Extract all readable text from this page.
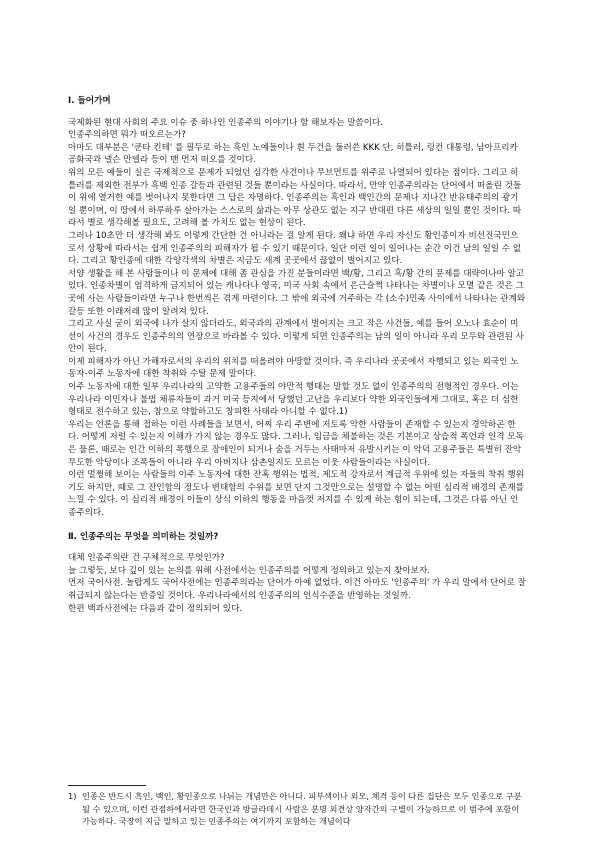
Ⅰ. 들어가며

국제화된 현대 사회의 주요 이슈 중 하나인 인종주의 이야기나 함 해보자는 말씀이다.
인종주의하면 뭐가 떠오르는가?
아마도 대부분은 '쿤타 킨테' 를 필두로 하는 흑인 노예들이나 흰 두건을 둘러쓴 KKK 단, 히틀러, 링컨 대통령, 남아프리카 공화국과 넬슨 만델라 등이 맨 먼저 떠오를 것이다.
위의 모든 예들이 실은 국제적으로 문제가 되었던 심각한 사건이나 무브먼트를 위주로 나열되어 있다는 점이다. 그리고 히틀러를 제외한 전부가 흑백 인종 갈등과 관련된 것들 뿐이라는 사실이다. 따라서, 만약 인종주의라는 단어에서 떠올린 것들이 위에 열거한 예를 벗어나지 못한다면 그 답은 자명하다. 인종주의는 흑인과 백인간의 문제나 지나간 반유태주의의 광기일 뿐이며, 이 땅에서 하루하루 살아가는 스스로의 삶과는 아무 상관도 없는 지구 반대편 다른 세상의 일일 뿐인 것이다. 따라서 별로 생각해볼 필요도, 고려해 볼 가치도 없는 현상이 된다.
그러나 10초만 더 생각해 봐도 이렇게 간단한 건 아니라는 걸 알게 된다. 왜냐 하면 우리 자신도 황인종이자 비선진국민으로서 상황에 따라서는 쉽게 인종주의의 피해자가 될 수 있기 때문이다. 일단 이런 일이 일어나는 순간 이건 남의 일일 수 없다. 그리고 황인종에 대한 각양각색의 차별은 지금도 세계 곳곳에서 끊없이 벌어지고 있다.
서양 생활을 해 본 사람들이나 이 문제에 대해 좀 관심을 가진 분들이라면 백/황, 그리고 흑/황 간의 문제를 대략이나마 알고 있다. 인종차별이 엄격하게 금지되어 있는 캐나다나 영국, 미국 사회 속에서 은근슬쩍 나타나는 차별이나 모멸 같은 것은 그곳에 사는 사람들이라면 누구나 한번씩은 겪게 마련이다. 그 밖에 외국에 거주하는 각 (소수)민족 사이에서 나타나는 관계와 갈등 또한 이래저래 많이 알려져 있다.
그리고 사실 굳이 외국에 나가 살지 않더라도, 외국과의 관계에서 벌어지는 크고 작은 사건들, 예를 들어 오노나 효순이 미선이 사건의 경우도 인종주의의 연장으로 바라볼 수 있다. 이렇게 되면 인종주의는 남의 일이 아니라 우리 모두와 관련된 사안이 된다.
이제 피해자가 아닌 가해자로서의 우리의 위치를 떠올려야 마땅할 것이다. 즉 우리나라 곳곳에서 자행되고 있는 외국인 노동자-이주 노동자에 대한 착취와 수탈 문제 말이다.
이주 노동자에 대한 일부 우리나라의 고약한 고용주들의 야만적 행태는 말할 것도 없이 인종주의의 전형적인 경우다. 이는 우리나라 이민자나 불법 체류자들이 과거 미국 등지에서 당했던 고난을 우리보다 약한 외국인들에게 그대로, 혹은 더 심한 형태로 전수하고 있는, 참으로 약할하고도 창피한 사태라 아니할 수 없다.1)
우리는 언론을 통해 접하는 이런 사례들을 보면서, 어찌 우리 주변에 저토록 악한 사람들이 존재할 수 있는지 경악하곤 한다. 어떻게 저럴 수 있는지 이해가 가지 않는 경우도 많다. 그러나, 임금을 체불하는 것은 기본이고 상습적 폭언과 인격 모독은 물론, 때로는 인간 이하의 폭행으로 장애인이 되거나 숨을 거두는 사태마저 유발시키는 이 악덕 고용주들은 특별히 잔악무도한 악당이나 조폭들이 아니라 우리 아버지나 삼촌일지도 모르는 이웃 사람들이라는 사실이다.
이런 멀쩡해 보이는 사람들의 이주 노동자에 대한 잔혹 행위는 법적, 제도적 강자로서 계급적 우위에 있는 자들의 착취 행위기도 하지만, 때로 그 잔인함의 정도나 변태함의 수위를 보면 단지 그것만으로는 설명할 수 없는 어떤 심리적 배경의 존재를 느낄 수 있다. 이 심리적 배경이 이들이 상식 이하의 행동을 마음껏 저지를 수 있게 하는 힘이 되는데, 그것은 다름 아닌 인종주의다.

Ⅱ. 인종주의는 무엇을 의미하는 것일까?

대체 인종주의란 건 구체적으로 무엇인가?
늘 그렇듯, 보다 깊이 있는 논의를 위해 사전에서는 인종주의를 어떻게 정의하고 있는지 찾아보자.
먼저 국어사전. 놀랍게도 국어사전에는 인종주의라는 단어가 아예 없었다. 이건 아마도 '인종주의' 가 우리 말에서 단어로 잘 취급되지 않는다는 반증일 것이다. 우리나라에서의 인종주의의 인식수준을 반영하는 것일까.
한편 백과사전에는 다음과 같이 정의되어 있다.

1) 인종은 반드시 흑인, 백인, 황인종으로 나뉘는 개념만은 아니다. 피부색이나 외모, 체격 등이 다른 집단은 모두 인종으로 구분될 수 있으며, 이런 관점하에서라면 한국인과 방글라데시 사람은 분명 외견상 양자간의 구별이 가능하므로 이 범주에 포함이 가능하다. 국장이 지금 말하고 있는 인종주의는 여기까지 포함하는 개념이다
